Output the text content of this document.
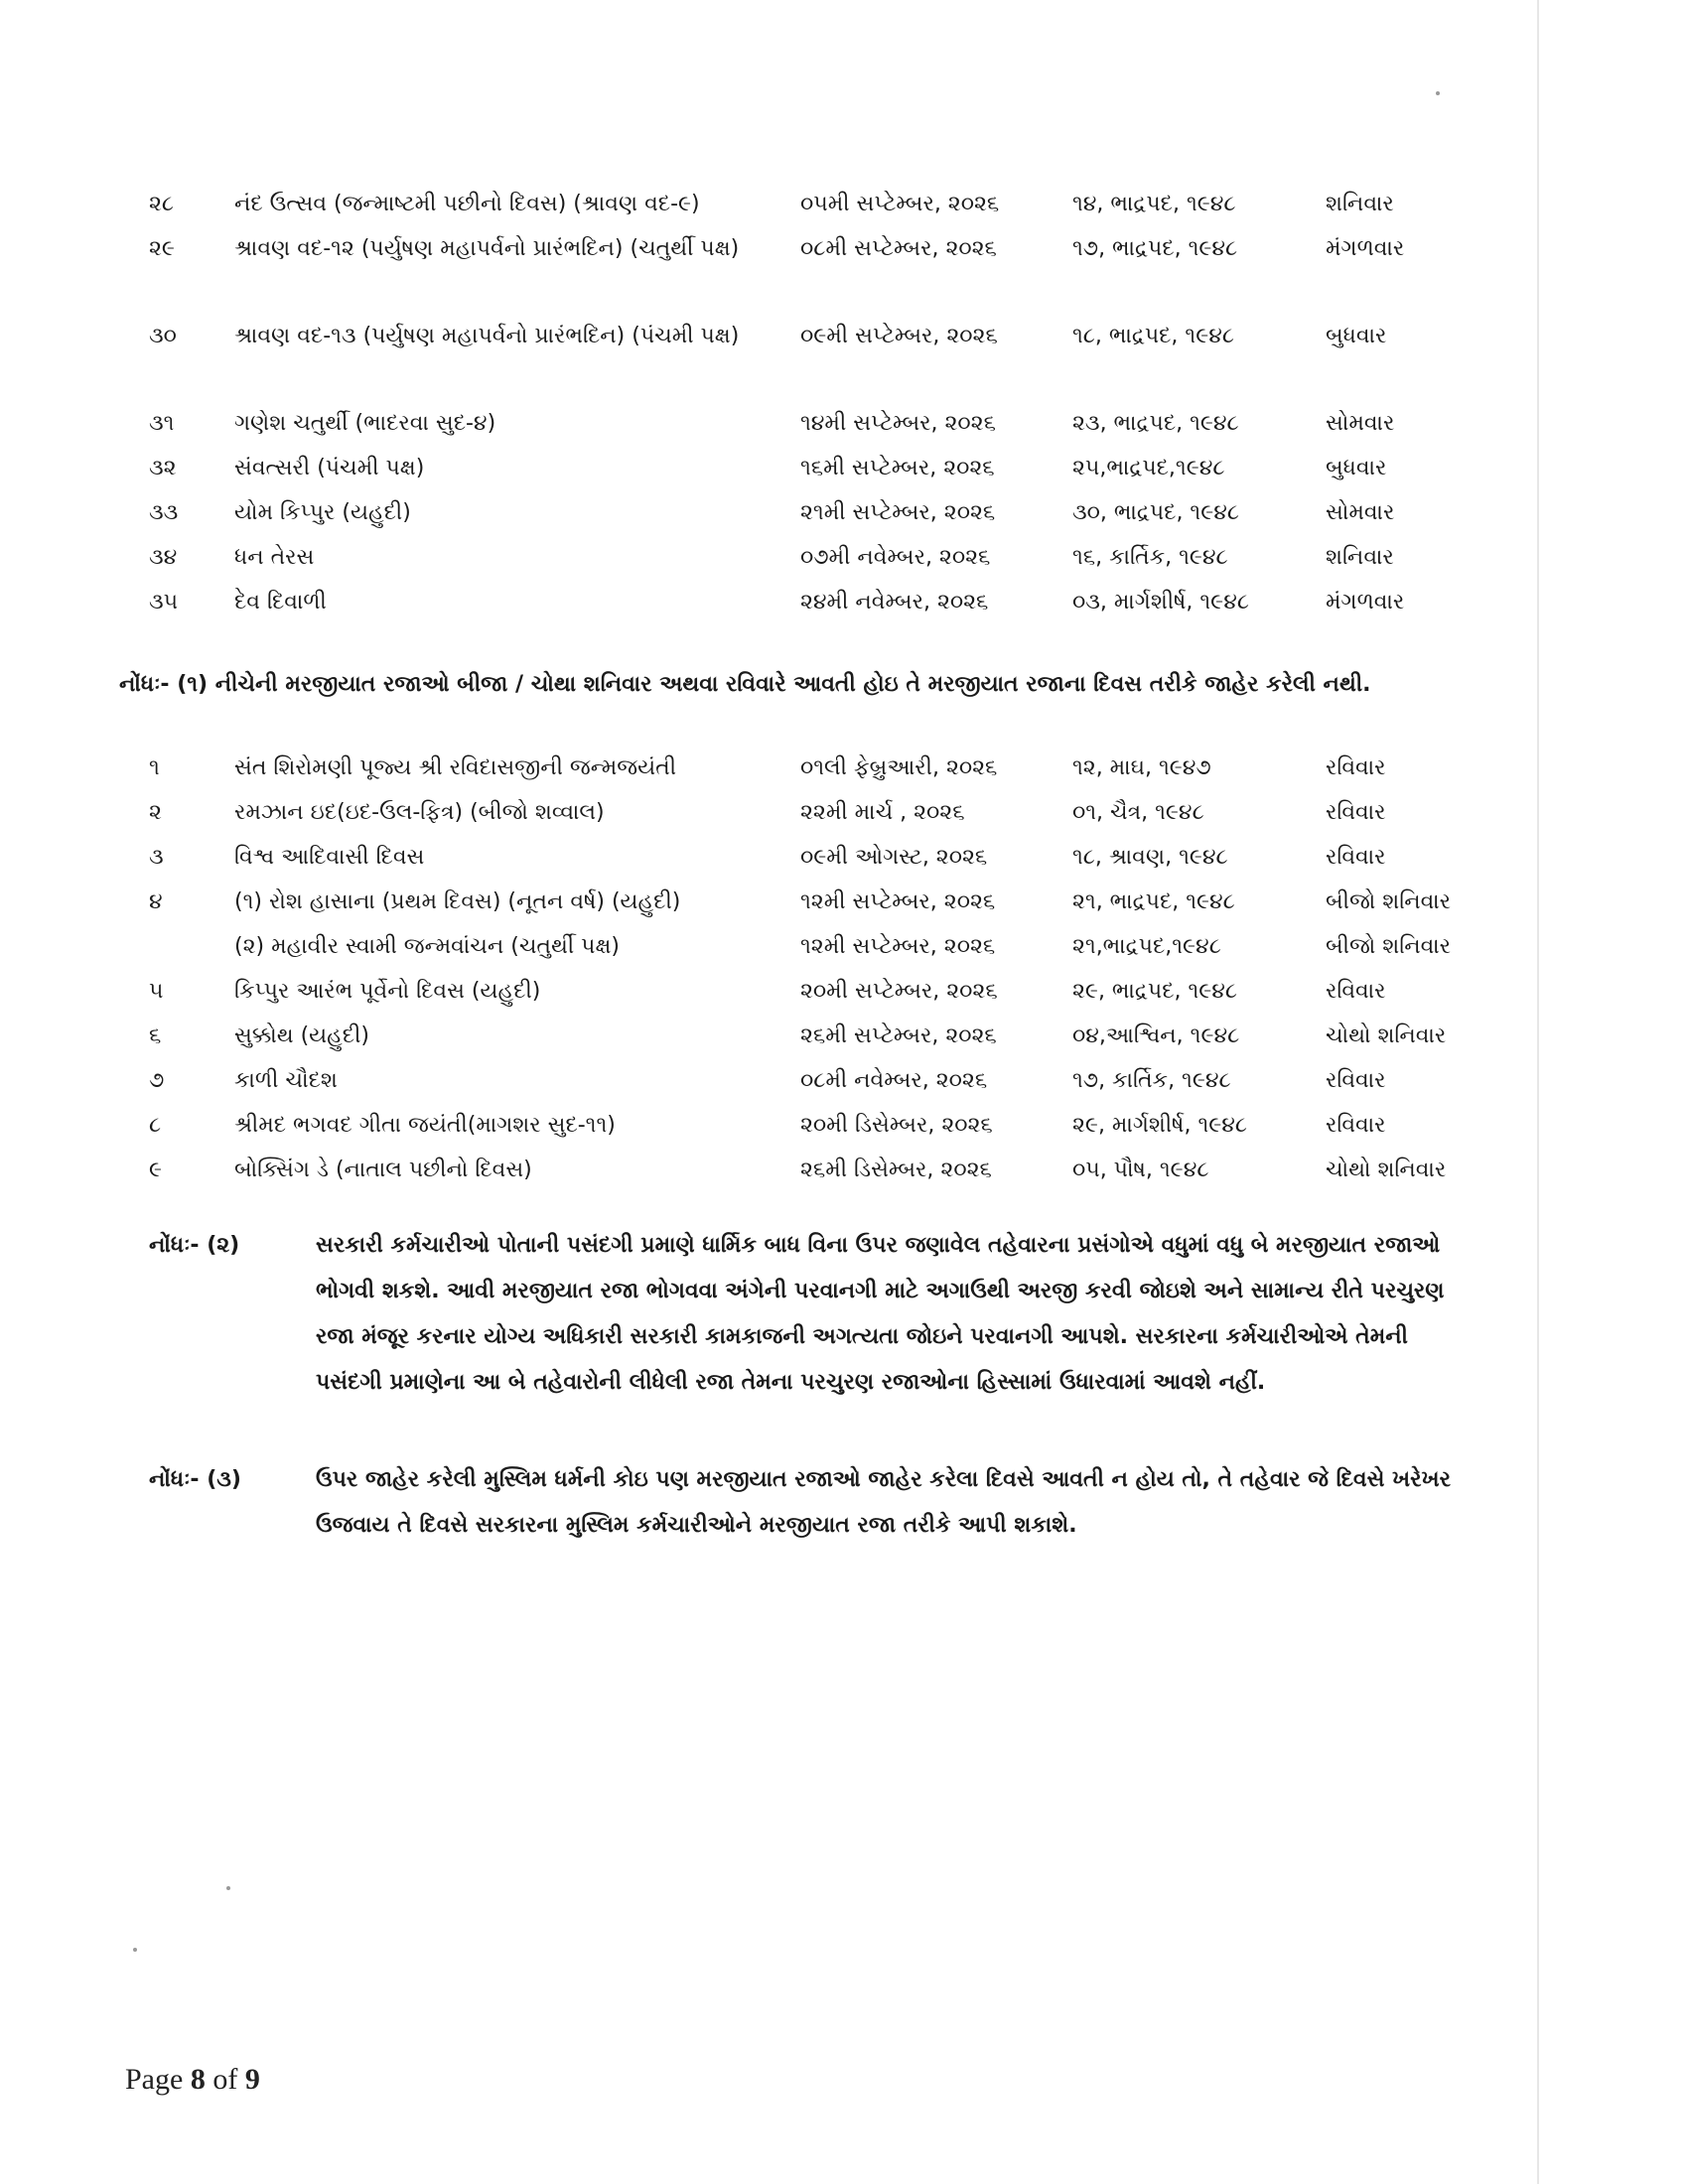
૨૮	નંદ ઉત્સવ (જન્માષ્ટમી પછીનો દિવસ) (શ્રાવણ વદ-૯)	૦૫મી સપ્ટેમ્બર, ૨૦૨૬	૧૪, ભાદ્રપદ, ૧૯૪૮	શનિવાર
૨૯	શ્રાવણ વદ-૧૨ (પર્યુષણ મહાપર્વનો પ્રારંભદિન) (ચતુર્થી પક્ષ)	૦૮મી સપ્ટેમ્બર, ૨૦૨૬	૧૭, ભાદ્રપદ, ૧૯૪૮	મંગળવાર
૩૦	શ્રાવણ વદ-૧૩ (પર્યુષણ મહાપર્વનો પ્રારંભદિન) (પંચમી પક્ષ)	૦૯મી સપ્ટેમ્બર, ૨૦૨૬	૧૮, ભાદ્રપદ, ૧૯૪૮	બુધવાર
૩૧	ગણેશ ચતુર્થી (ભાદરવા સુદ-૪)	૧૪મી સપ્ટેમ્બર, ૨૦૨૬	૨૩, ભાદ્રપદ, ૧૯૪૮	સોમવાર
૩૨	સંવત્સરી (પંચમી પક્ષ)	૧૬મી સપ્ટેમ્બર, ૨૦૨૬	૨૫,ભાદ્રપદ,૧૯૪૮	બુધવાર
૩૩	યોમ કિપ્પુર (યહુદી)	૨૧મી સપ્ટેમ્બર, ૨૦૨૬	૩૦, ભાદ્રપદ, ૧૯૪૮	સોમવાર
૩૪	ધન તેરસ	૦૭મી નવેમ્બર, ૨૦૨૬	૧૬, કાર્તિક, ૧૯૪૮	શનિવાર
૩૫	દેવ દિવાળી	૨૪મી નવેમ્બર, ૨૦૨૬	૦૩, માર્ગશીર્ષ, ૧૯૪૮	મંગળવાર
નોંધઃ- (૧) નીચેની મરજીયાત રજાઓ બીજા / ચોથા શનિવાર અથવા રવિવારે આવતી હોઇ તે મરજીયાત રજાના દિવસ તરીકે જાહેર કરેલી નથી.
૧	સંત શિરોમણી પૂજ્ય શ્રી રવિદાસજીની જન્મજયંતી	૦૧લી ફેબ્રુઆરી, ૨૦૨૬	૧૨, માઘ, ૧૯૪૭	રવિવાર
૨	રમઝાન ઇદ(ઇદ-ઉલ-ફિત્ર) (બીજો શવ્વાલ)	૨૨મી માર્ચ , ૨૦૨૬	૦૧, ચૈત્ર, ૧૯૪૮	રવિવાર
૩	વિશ્વ આદિવાસી દિવસ	૦૯મી ઓગસ્ટ, ૨૦૨૬	૧૮, શ્રાવણ, ૧૯૪૮	રવિવાર
૪	(૧) રોશ હાસાના (પ્રથમ દિવસ) (નૂતન વર્ષ) (યહુદી)	૧૨મી સપ્ટેમ્બર, ૨૦૨૬	૨૧, ભાદ્રપદ, ૧૯૪૮	બીજો શનિવાર
(૨) મહાવીર સ્વામી જન્મવાંચન (ચતુર્થી પક્ષ)	૧૨મી સપ્ટેમ્બર, ૨૦૨૬	૨૧,ભાદ્રપદ,૧૯૪૮	બીજો શનિવાર
૫	કિપ્પુર આરંભ પૂર્વેનો દિવસ (યહુદી)	૨૦મી સપ્ટેમ્બર, ૨૦૨૬	૨૯, ભાદ્રપદ, ૧૯૪૮	રવિવાર
૬	સુક્કોથ (યહુદી)	૨૬મી સપ્ટેમ્બર, ૨૦૨૬	૦૪,આશ્વિન, ૧૯૪૮	ચોથો શનિવાર
૭	કાળી ચૌદશ	૦૮મી નવેમ્બર, ૨૦૨૬	૧૭, કાર્તિક, ૧૯૪૮	રવિવાર
૮	શ્રીમદ ભગવદ ગીતા જયંતી(માગશર સુદ-૧૧)	૨૦મી ડિસેમ્બર, ૨૦૨૬	૨૯, માર્ગશીર્ષ, ૧૯૪૮	રવિવાર
૯	બોક્સિંગ ડે (નાતાલ પછીનો દિવસ)	૨૬મી ડિસેમ્બર, ૨૦૨૬	૦૫, પૌષ, ૧૯૪૮	ચોથો શનિવાર
નોંધઃ- (૨)	સરકારી કર્મચારીઓ પોતાની પસંદગી પ્રમાણે ધાર્મિક બાધ વિના ઉપર જણાવેલ તહેવારના પ્રસંગોએ વધુમાં વધુ બે મરજીયાત રજાઓ ભોગવી શકશે. આવી મરજીયાત રજા ભોગવવા અંગેની પરવાનગી માટે અગાઉથી અરજી કરવી જોઇશે અને સામાન્ય રીતે પરચુરણ રજા મંજૂર કરનાર યોગ્ય અધિકારી સરકારી કામકાજની અગત્યતા જોઇને પરવાનગી આપશે. સરકારના કર્મચારીઓએ તેમની પસંદગી પ્રમાણેના આ બે તહેવારોની લીધેલી રજા તેમના પરચુરણ રજાઓના હિસ્સામાં ઉધારવામાં આવશે નહીં.
નોંધઃ- (૩)	ઉપર જાહેર કરેલી મુસ્લિમ ધર્મની કોઇ પણ મરજીયાત રજાઓ જાહેર કરેલા દિવસે આવતી ન હોય તો, તે તહેવાર જે દિવસે ખરેખર ઉજવાય તે દિવસે સરકારના મુસ્લિમ કર્મચારીઓને મરજીયાત રજા તરીકે આપી શકાશે.
Page 8 of 9
